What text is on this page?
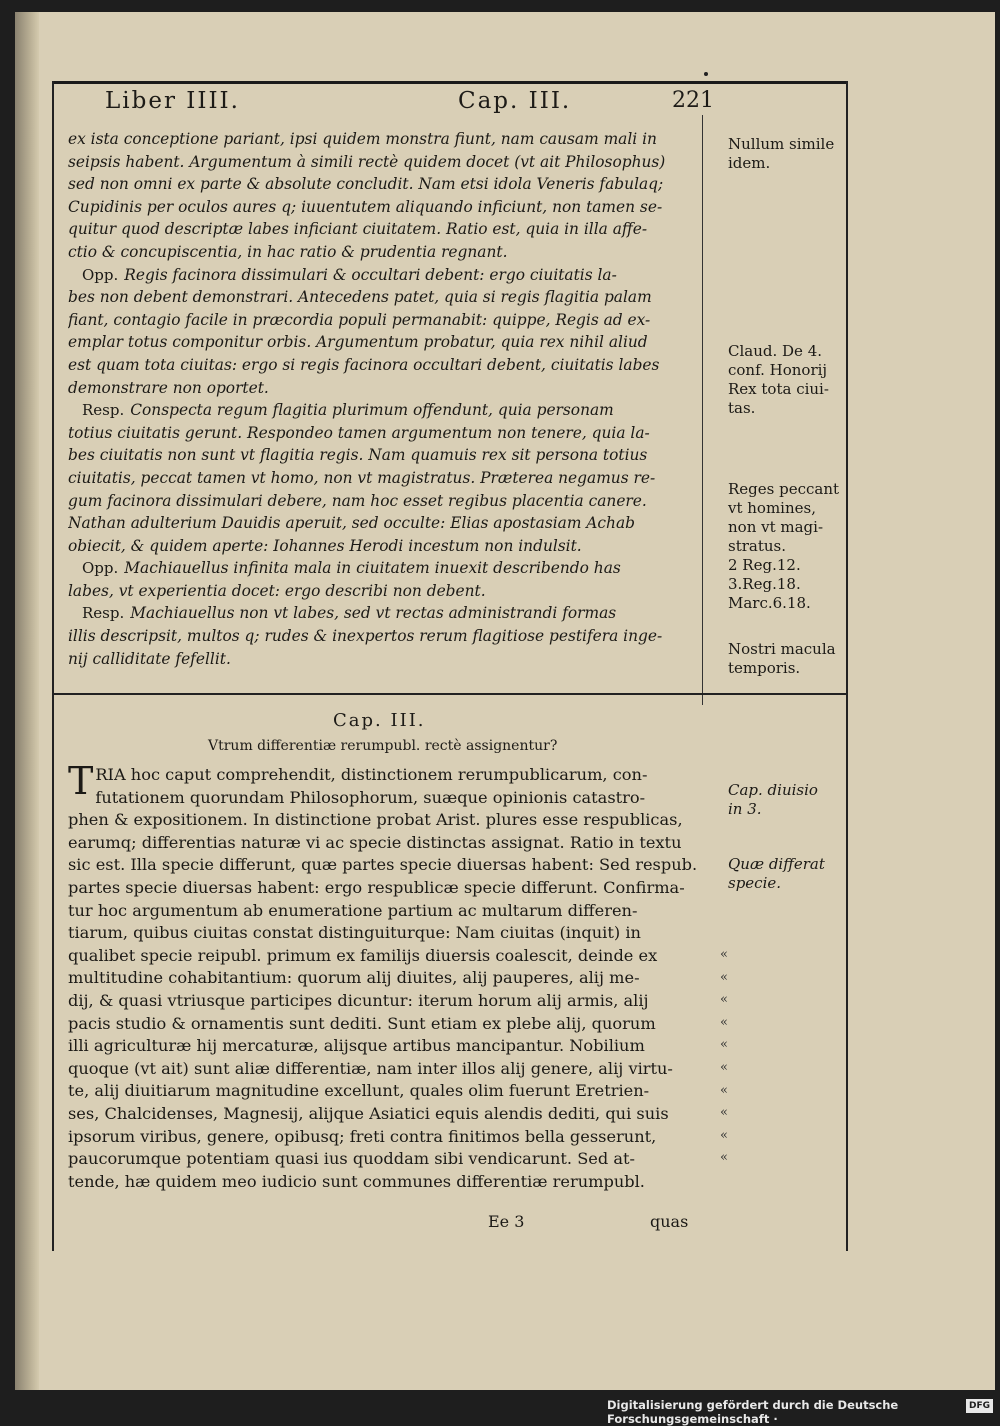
Liber IIII.	Cap. III.	221
ex ista conceptione pariant, ipsi quidem monstra fiunt, nam causam mali in
seipsis habent. Argumentum à simili rectè quidem docet (vt ait Philosophus)
sed non omni ex parte & absolute concludit. Nam etsi idola Veneris fabulaq;
Cupidinis per oculos aures q; iuuentutem aliquando inficiunt, non tamen se-
quitur quod descriptæ labes inficiant ciuitatem. Ratio est, quia in illa affe-
ctio & concupiscentia, in hac ratio & prudentia regnant.
Opp. Regis facinora dissimulari & occultari debent: ergo ciuitatis la-
bes non debent demonstrari. Antecedens patet, quia si regis flagitia palam
fiant, contagio facile in præcordia populi permanabit: quippe, Regis ad ex-
emplar totus componitur orbis. Argumentum probatur, quia rex nihil aliud
est quam tota ciuitas: ergo si regis facinora occultari debent, ciuitatis labes
demonstrare non oportet.
Resp. Conspecta regum flagitia plurimum offendunt, quia personam
totius ciuitatis gerunt. Respondeo tamen argumentum non tenere, quia la-
bes ciuitatis non sunt vt flagitia regis. Nam quamuis rex sit persona totius
ciuitatis, peccat tamen vt homo, non vt magistratus. Præterea negamus re-
gum facinora dissimulari debere, nam hoc esset regibus placentia canere.
Nathan adulterium Dauidis aperuit, sed occulte: Elias apostasiam Achab
obiecit, & quidem aperte: Iohannes Herodi incestum non indulsit.
Opp. Machiauellus infinita mala in ciuitatem inuexit describendo has
labes, vt experientia docet: ergo describi non debent.
Resp. Machiauellus non vt labes, sed vt rectas administrandi formas
illis descripsit, multos q; rudes & inexpertos rerum flagitiose pestifera inge-
nij calliditate fefellit.
Cap. III.
Vtrum differentiæ rerumpubl. rectè assignentur?
T RIA hoc caput comprehendit, distinctionem rerumpublicarum, con-
futationem quorundam Philosophorum, suæque opinionis catastro-
phen & expositionem. In distinctione probat Arist. plures esse respublicas,
earumq; differentias naturæ vi ac specie distinctas assignat. Ratio in textu
sic est. Illa specie differunt, quæ partes specie diuersas habent: Sed respub.
partes specie diuersas habent: ergo respublicæ specie differunt. Confirma-
tur hoc argumentum ab enumeratione partium ac multarum differen-
tiarum, quibus ciuitas constat distinguiturque: Nam ciuitas (inquit) in
qualibet specie reipubl. primum ex familijs diuersis coalescit, deinde ex
multitudine cohabitantium: quorum alij diuites, alij pauperes, alij me-
dij, & quasi vtriusque participes dicuntur: iterum horum alij armis, alij
pacis studio & ornamentis sunt dediti. Sunt etiam ex plebe alij, quorum
illi agriculturæ hij mercaturæ, alijsque artibus mancipantur. Nobilium
quoque (vt ait) sunt aliæ differentiæ, nam inter illos alij genere, alij virtu-
te, alij diuitiarum magnitudine excellunt, quales olim fuerunt Eretrien-
ses, Chalcidenses, Magnesij, alijque Asiatici equis alendis dediti, qui suis
ipsorum viribus, genere, opibusq; freti contra finitimos bella gesserunt,
paucorumque potentiam quasi ius quoddam sibi vendicarunt. Sed at-
tende, hæ quidem meo iudicio sunt communes differentiæ rerumpubl.
Ee 3	quas
Nullum simile
idem.
Claud. De 4.
conf. Honorij
Rex tota ciui-
tas.
Reges peccant
vt homines,
non vt magi-
stratus.
2 Reg.12.
3.Reg.18.
Marc.6.18.
Nostri macula
temporis.
Cap. diuisio
in 3.
Quæ differat
specie.
«
«
«
«
«
«
«
«
«
«
Digitalisierung gefördert durch die Deutsche Forschungsgemeinschaft ·
DFG
